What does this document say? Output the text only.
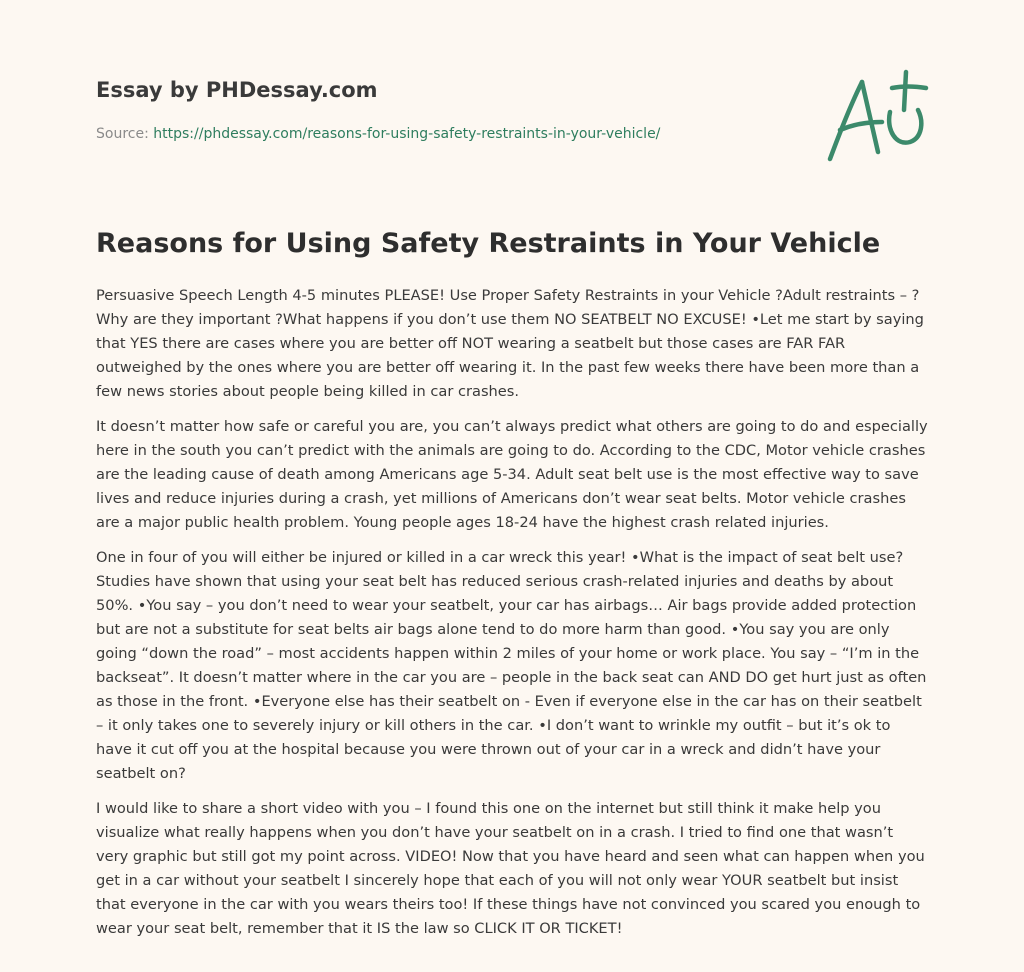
Essay by PHDessay.com
Source: https://phdessay.com/reasons-for-using-safety-restraints-in-your-vehicle/
Reasons for Using Safety Restraints in Your Vehicle

Persuasive Speech Length 4-5 minutes PLEASE! Use Proper Safety Restraints in your Vehicle ?Adult restraints – ?Why are they important ?What happens if you don’t use them NO SEATBELT NO EXCUSE! •Let me start by saying that YES there are cases where you are better off NOT wearing a seatbelt but those cases are FAR FAR outweighed by the ones where you are better off wearing it. In the past few weeks there have been more than a few news stories about people being killed in car crashes.

It doesn’t matter how safe or careful you are, you can’t always predict what others are going to do and especially here in the south you can’t predict with the animals are going to do. According to the CDC, Motor vehicle crashes are the leading cause of death among Americans age 5-34. Adult seat belt use is the most effective way to save lives and reduce injuries during a crash, yet millions of Americans don’t wear seat belts. Motor vehicle crashes are a major public health problem. Young people ages 18-24 have the highest crash related injuries.

One in four of you will either be injured or killed in a car wreck this year! •What is the impact of seat belt use? Studies have shown that using your seat belt has reduced serious crash-related injuries and deaths by about 50%. •You say – you don’t need to wear your seatbelt, your car has airbags… Air bags provide added protection but are not a substitute for seat belts air bags alone tend to do more harm than good. •You say you are only going “down the road” – most accidents happen within 2 miles of your home or work place. You say – “I’m in the backseat”. It doesn’t matter where in the car you are – people in the back seat can AND DO get hurt just as often as those in the front. •Everyone else has their seatbelt on - Even if everyone else in the car has on their seatbelt – it only takes one to severely injury or kill others in the car. •I don’t want to wrinkle my outfit – but it’s ok to have it cut off you at the hospital because you were thrown out of your car in a wreck and didn’t have your seatbelt on?

I would like to share a short video with you – I found this one on the internet but still think it make help you visualize what really happens when you don’t have your seatbelt on in a crash. I tried to find one that wasn’t very graphic but still got my point across. VIDEO! Now that you have heard and seen what can happen when you get in a car without your seatbelt I sincerely hope that each of you will not only wear YOUR seatbelt but insist that everyone in the car with you wears theirs too! If these things have not convinced you scared you enough to wear your seat belt, remember that it IS the law so CLICK IT OR TICKET!
